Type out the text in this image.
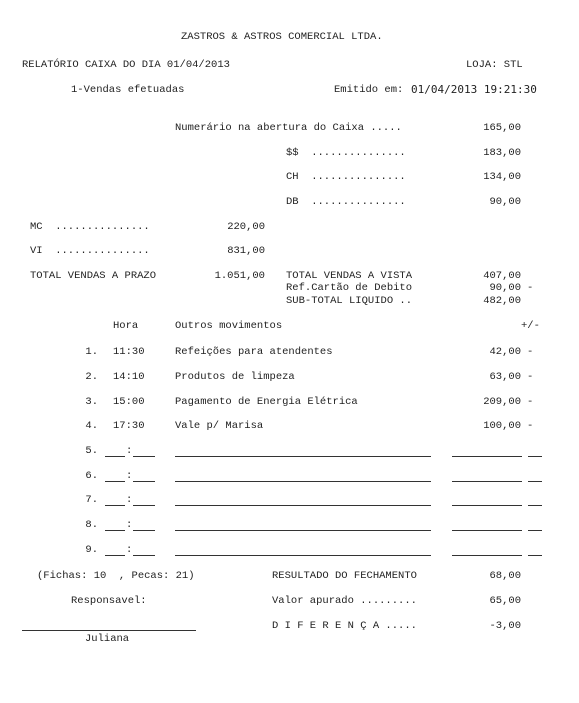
ZASTROS & ASTROS COMERCIAL LTDA.
RELATÓRIO CAIXA DO DIA 01/04/2013	LOJA: STL
1-Vendas efetuadas	Emitido em: 01/04/2013 19:21:30
Numerário na abertura do Caixa .....	165,00
$$  ...............	183,00
CH  ...............	134,00
DB  ...............	90,00
MC  ...............	220,00
VI  ...............	831,00
TOTAL VENDAS A PRAZO	1.051,00 TOTAL VENDAS A VISTA	407,00
Ref.Cartão de Debito	90,00 -
SUB-TOTAL LIQUIDO ..	482,00
Hora	Outros movimentos	+/-
1. 11:30	Refeições para atendentes	42,00 -
2. 14:10	Produtos de limpeza	63,00 -
3. 15:00	Pagamento de Energia Elétrica	209,00 -
4. 17:30	Vale p/ Marisa	100,00 -
5.	:
6.	:
7.	:
8.	:
9.	:
(Fichas: 10  , Pecas: 21)	RESULTADO DO FECHAMENTO	68,00
Responsavel:	Valor apurado .........	65,00
D I F E R E N Ç A .....	-3,00
Juliana
